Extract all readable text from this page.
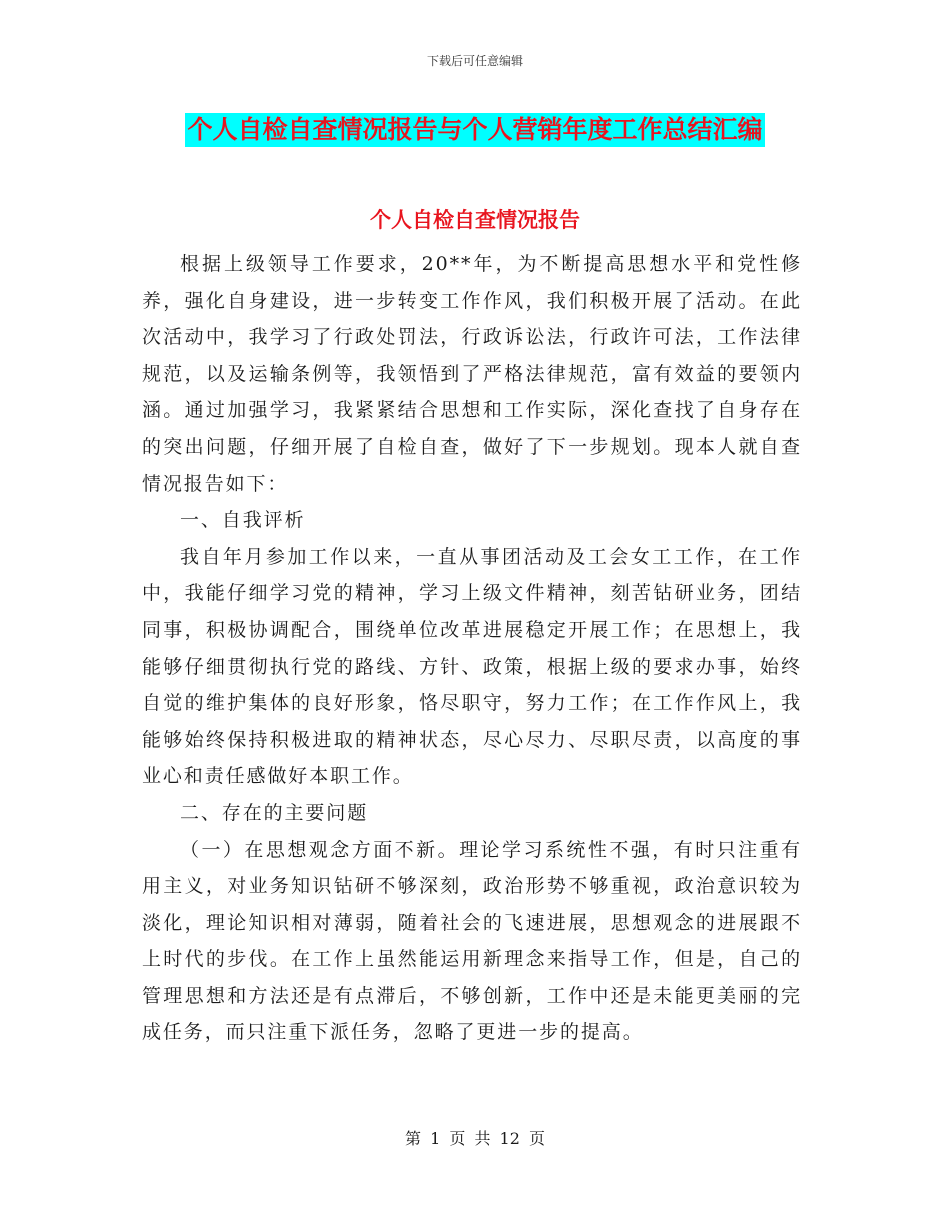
下载后可任意编辑
个人自检自查情况报告与个人营销年度工作总结汇编
个人自检自查情况报告

根据上级领导工作要求，20**年，为不断提高思想水平和党性修养，强化自身建设，进一步转变工作作风，我们积极开展了活动。在此次活动中，我学习了行政处罚法，行政诉讼法，行政许可法，工作法律规范，以及运输条例等，我领悟到了严格法律规范，富有效益的要领内涵。通过加强学习，我紧紧结合思想和工作实际，深化查找了自身存在的突出问题，仔细开展了自检自查，做好了下一步规划。现本人就自查情况报告如下：

一、自我评析

我自年月参加工作以来，一直从事团活动及工会女工工作，在工作中，我能仔细学习党的精神，学习上级文件精神，刻苦钻研业务，团结同事，积极协调配合，围绕单位改革进展稳定开展工作；在思想上，我能够仔细贯彻执行党的路线、方针、政策，根据上级的要求办事，始终自觉的维护集体的良好形象，恪尽职守，努力工作；在工作作风上，我能够始终保持积极进取的精神状态，尽心尽力、尽职尽责，以高度的事业心和责任感做好本职工作。

二、存在的主要问题

（一）在思想观念方面不新。理论学习系统性不强，有时只注重有用主义，对业务知识钻研不够深刻，政治形势不够重视，政治意识较为淡化，理论知识相对薄弱，随着社会的飞速进展，思想观念的进展跟不上时代的步伐。在工作上虽然能运用新理念来指导工作，但是，自己的管理思想和方法还是有点滞后，不够创新，工作中还是未能更美丽的完成任务，而只注重下派任务，忽略了更进一步的提高。

第 1 页 共 12 页
